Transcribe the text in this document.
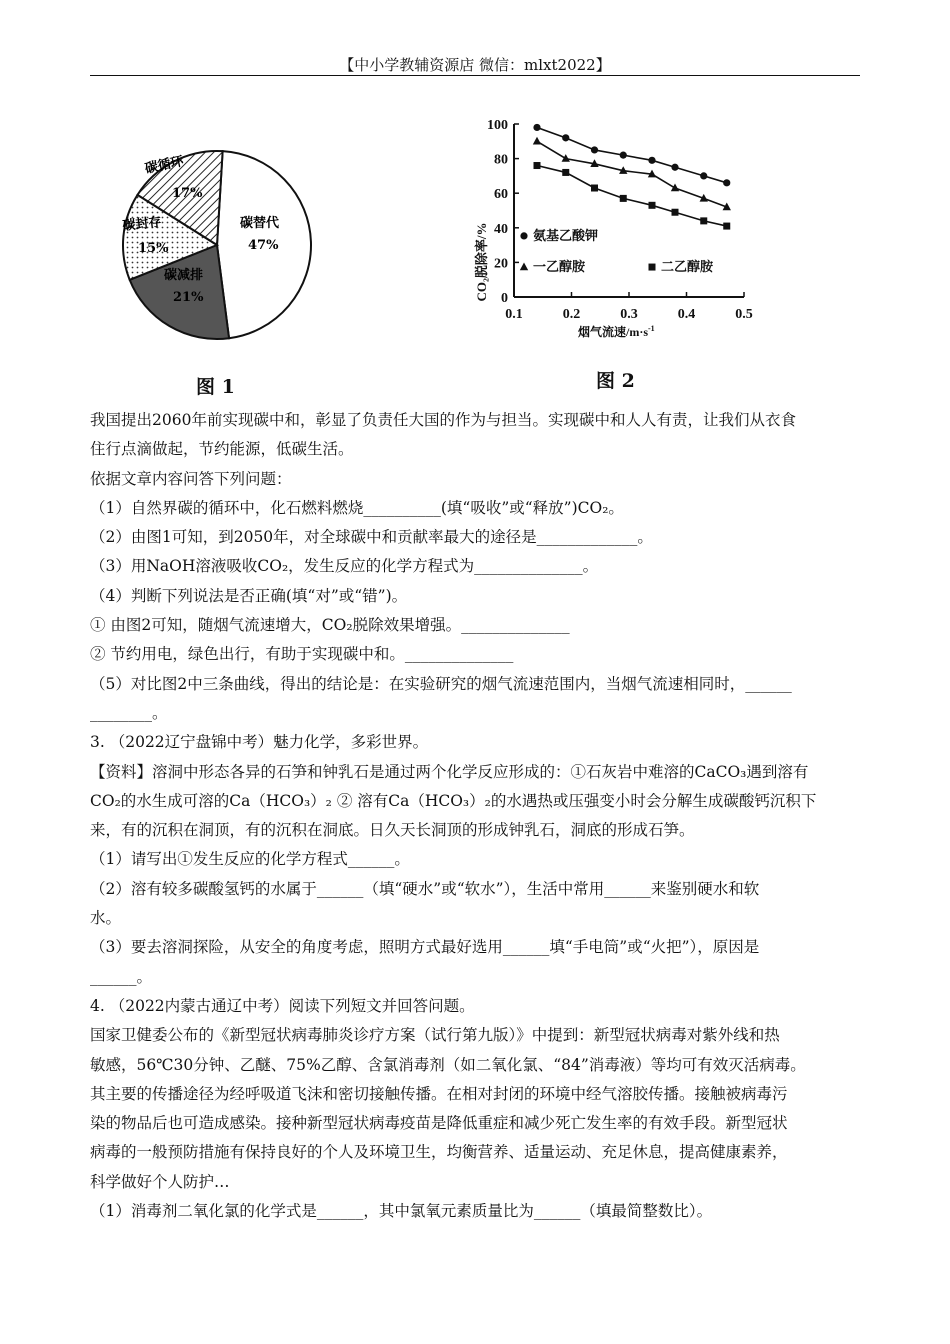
【中小学教辅资源店 微信：mlxt2022】
碳替代
47%
碳减排
21%
碳封存
15%
碳循环
17%
图 1
0
20
40
60
80
100
0.1	0.2	0.3	0.4	0.5
氨基乙酸钾
一乙醇胺	二乙醇胺
CO₂脱除率/%
烟气流速$/m\cdot s^{-1}$
图 2
我国提出2060年前实现碳中和，彰显了负责任大国的作为与担当。实现碳中和人人有责，让我们从衣食
住行点滴做起，节约能源，低碳生活。
依据文章内容问答下列问题：
（1）自然界碳的循环中，化石燃料燃烧__________(填“吸收”或“释放”)CO₂。
（2）由图1可知，到2050年，对全球碳中和贡献率最大的途径是_____________。
（3）用NaOH溶液吸收CO₂，发生反应的化学方程式为______________。
（4）判断下列说法是否正确(填“对”或“错”)。
① 由图2可知，随烟气流速增大，CO₂脱除效果增强。______________
② 节约用电，绿色出行，有助于实现碳中和。______________
（5）对比图2中三条曲线，得出的结论是：在实验研究的烟气流速范围内，当烟气流速相同时，______
________。
3. （2022辽宁盘锦中考）魅力化学，多彩世界。
【资料】溶洞中形态各异的石笋和钟乳石是通过两个化学反应形成的：①石灰岩中难溶的CaCO₃遇到溶有
CO₂的水生成可溶的Ca（HCO₃）₂ ② 溶有Ca（HCO₃）₂的水遇热或压强变小时会分解生成碳酸钙沉积下
来，有的沉积在洞顶，有的沉积在洞底。日久天长洞顶的形成钟乳石，洞底的形成石笋。
（1）请写出①发生反应的化学方程式______。
（2）溶有较多碳酸氢钙的水属于______（填“硬水”或“软水”），生活中常用______来鉴别硬水和软
水。
（3）要去溶洞探险，从安全的角度考虑，照明方式最好选用______填“手电筒”或“火把”），原因是
______。
4. （2022内蒙古通辽中考）阅读下列短文并回答问题。
国家卫健委公布的《新型冠状病毒肺炎诊疗方案（试行第九版）》中提到：新型冠状病毒对紫外线和热
敏感，56℃30分钟、乙醚、75%乙醇、含氯消毒剂（如二氧化氯、“84”消毒液）等均可有效灭活病毒。
其主要的传播途径为经呼吸道飞沫和密切接触传播。在相对封闭的环境中经气溶胶传播。接触被病毒污
染的物品后也可造成感染。接种新型冠状病毒疫苗是降低重症和减少死亡发生率的有效手段。新型冠状
病毒的一般预防措施有保持良好的个人及环境卫生，均衡营养、适量运动、充足休息，提高健康素养，
科学做好个人防护…
（1）消毒剂二氧化氯的化学式是______，其中氯氧元素质量比为______（填最简整数比）。
